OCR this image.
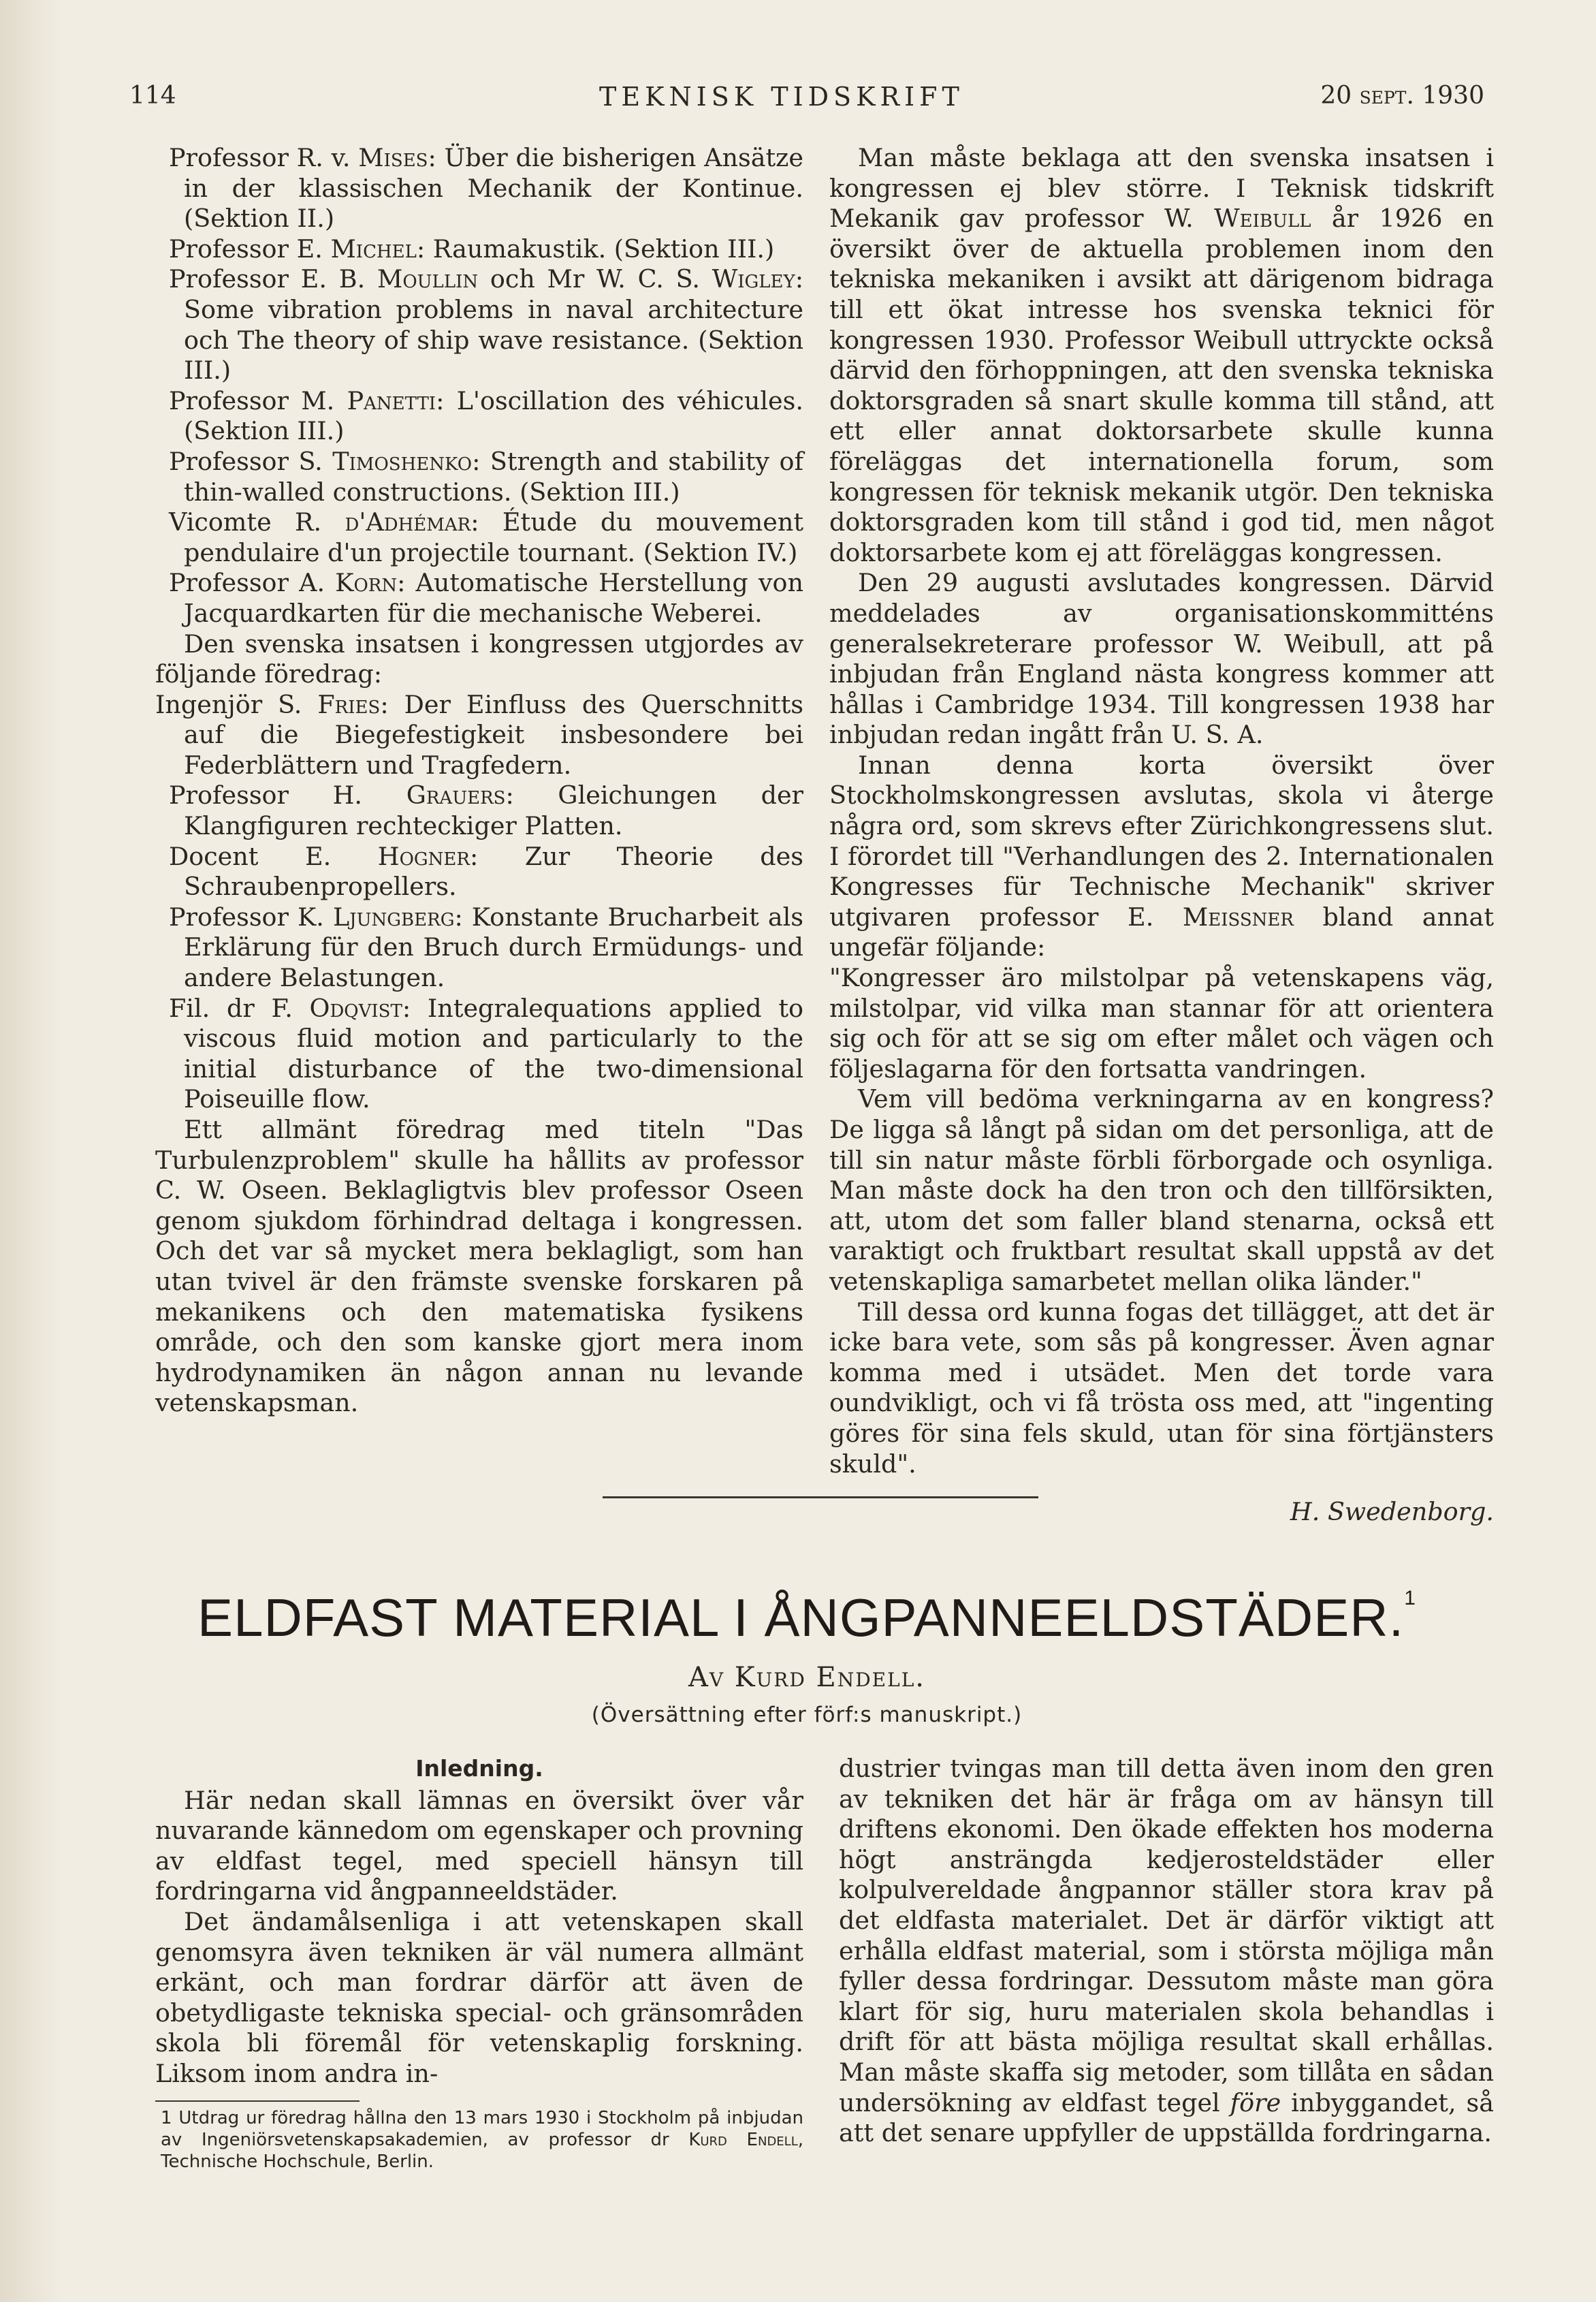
114	TEKNISK TIDSKRIFT	20 sept. 1930

Professor R. v. Mises: Über die bisherigen Ansätze in der klassischen Mechanik der Kontinue. (Sektion II.)

Professor E. Michel: Raumakustik. (Sektion III.)

Professor E. B. Moullin och Mr W. C. S. Wigley: Some vibration problems in naval architecture och The theory of ship wave resistance. (Sektion III.)

Professor M. Panetti: L'oscillation des véhicules. (Sektion III.)

Professor S. Timoshenko: Strength and stability of thin-walled constructions. (Sektion III.)

Vicomte R. d'Adhémar: Étude du mouvement pendulaire d'un projectile tournant. (Sektion IV.)

Professor A. Korn: Automatische Herstellung von Jacquardkarten für die mechanische Weberei.

Den svenska insatsen i kongressen utgjordes av följande föredrag:

Ingenjör S. Fries: Der Einfluss des Querschnitts auf die Biegefestigkeit insbesondere bei Federblättern und Tragfedern.

Professor H. Grauers: Gleichungen der Klangfiguren rechteckiger Platten.

Docent E. Hogner: Zur Theorie des Schraubenpropellers.

Professor K. Ljungberg: Konstante Brucharbeit als Erklärung für den Bruch durch Ermüdungs- und andere Belastungen.

Fil. dr F. Odqvist: Integralequations applied to viscous fluid motion and particularly to the initial disturbance of the two-dimensional Poiseuille flow.

Ett allmänt föredrag med titeln "Das Turbulenzproblem" skulle ha hållits av professor C. W. Oseen. Beklagligtvis blev professor Oseen genom sjukdom förhindrad deltaga i kongressen. Och det var så mycket mera beklagligt, som han utan tvivel är den främste svenske forskaren på mekanikens och den matematiska fysikens område, och den som kanske gjort mera inom hydrodynamiken än någon annan nu levande vetenskapsman.

Man måste beklaga att den svenska insatsen i kongressen ej blev större. I Teknisk tidskrift Mekanik gav professor W. Weibull år 1926 en översikt över de aktuella problemen inom den tekniska mekaniken i avsikt att därigenom bidraga till ett ökat intresse hos svenska teknici för kongressen 1930. Professor Weibull uttryckte också därvid den förhoppningen, att den svenska tekniska doktorsgraden så snart skulle komma till stånd, att ett eller annat doktorsarbete skulle kunna föreläggas det internationella forum, som kongressen för teknisk mekanik utgör. Den tekniska doktorsgraden kom till stånd i god tid, men något doktorsarbete kom ej att föreläggas kongressen.

Den 29 augusti avslutades kongressen. Därvid meddelades av organisationskommitténs generalsekreterare professor W. Weibull, att på inbjudan från England nästa kongress kommer att hållas i Cambridge 1934. Till kongressen 1938 har inbjudan redan ingått från U. S. A.

Innan denna korta översikt över Stockholmskongressen avslutas, skola vi återge några ord, som skrevs efter Zürichkongressens slut. I förordet till "Verhandlungen des 2. Internationalen Kongresses für Technische Mechanik" skriver utgivaren professor E. Meissner bland annat ungefär följande:

"Kongresser äro milstolpar på vetenskapens väg, milstolpar, vid vilka man stannar för att orientera sig och för att se sig om efter målet och vägen och följeslagarna för den fortsatta vandringen.

Vem vill bedöma verkningarna av en kongress? De ligga så långt på sidan om det personliga, att de till sin natur måste förbli förborgade och osynliga. Man måste dock ha den tron och den tillförsikten, att, utom det som faller bland stenarna, också ett varaktigt och fruktbart resultat skall uppstå av det vetenskapliga samarbetet mellan olika länder."

Till dessa ord kunna fogas det tillägget, att det är icke bara vete, som sås på kongresser. Även agnar komma med i utsädet. Men det torde vara oundvikligt, och vi få trösta oss med, att "ingenting göres för sina fels skuld, utan för sina förtjänsters skuld".

H. Swedenborg.

ELDFAST MATERIAL I ÅNGPANNEELDSTÄDER.$^1$
Av Kurd Endell.
(Översättning efter förf:s manuskript.)

Inledning.

Här nedan skall lämnas en översikt över vår nuvarande kännedom om egenskaper och provning av eldfast tegel, med speciell hänsyn till fordringarna vid ångpanneeldstäder.

Det ändamålsenliga i att vetenskapen skall genomsyra även tekniken är väl numera allmänt erkänt, och man fordrar därför att även de obetydligaste tekniska special- och gränsområden skola bli föremål för vetenskaplig forskning. Liksom inom andra in-

1 Utdrag ur föredrag hållna den 13 mars 1930 i Stockholm på inbjudan av Ingeniörsvetenskapsakademien, av professor dr Kurd Endell, Technische Hochschule, Berlin.

dustrier tvingas man till detta även inom den gren av tekniken det här är fråga om av hänsyn till driftens ekonomi. Den ökade effekten hos moderna högt ansträngda kedjerosteldstäder eller kolpulvereldade ångpannor ställer stora krav på det eldfasta materialet. Det är därför viktigt att erhålla eldfast material, som i största möjliga mån fyller dessa fordringar. Dessutom måste man göra klart för sig, huru materialen skola behandlas i drift för att bästa möjliga resultat skall erhållas. Man måste skaffa sig metoder, som tillåta en sådan undersökning av eldfast tegel före inbyggandet, så att det senare uppfyller de uppställda fordringarna.
